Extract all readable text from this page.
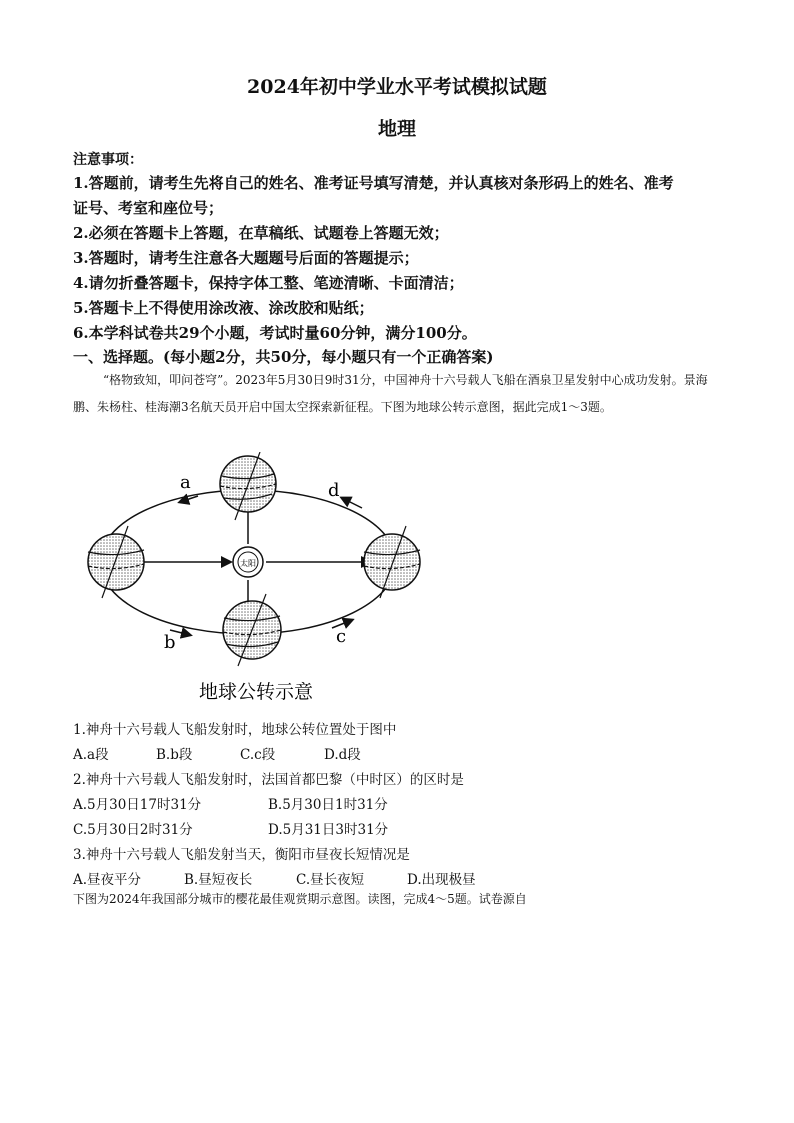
2024年初中学业水平考试模拟试题
地理
注意事项：
1.答题前，请考生先将自己的姓名、准考证号填写清楚，并认真核对条形码上的姓名、准考
证号、考室和座位号；
2.必须在答题卡上答题，在草稿纸、试题卷上答题无效；
3.答题时，请考生注意各大题题号后面的答题提示；
4.请勿折叠答题卡，保持字体工整、笔迹清晰、卡面清洁；
5.答题卡上不得使用涂改液、涂改胶和贴纸；
6.本学科试卷共29个小题，考试时量60分钟，满分100分。
一、选择题。(每小题2分，共50分，每小题只有一个正确答案)
“格物致知，叩问苍穹”。2023年5月30日9时31分，中国神舟十六号载人飞船在酒泉卫星发射中心成功发射。景海鹏、朱杨柱、桂海潮3名航天员开启中国太空探索新征程。下图为地球公转示意图，据此完成1～3题。
太阳
a
b	c
d
地球公转示意
1.神舟十六号载人飞船发射时，地球公转位置处于图中
A.a段	B.b段	C.c段	D.d段
2.神舟十六号载人飞船发射时，法国首都巴黎（中时区）的区时是
A.5月30日17时31分	B.5月30日1时31分
C.5月30日2时31分	D.5月31日3时31分
3.神舟十六号载人飞船发射当天，衡阳市昼夜长短情况是
A.昼夜平分	B.昼短夜长	C.昼长夜短	D.出现极昼
下图为2024年我国部分城市的樱花最佳观赏期示意图。读图，完成4～5题。试卷源自
